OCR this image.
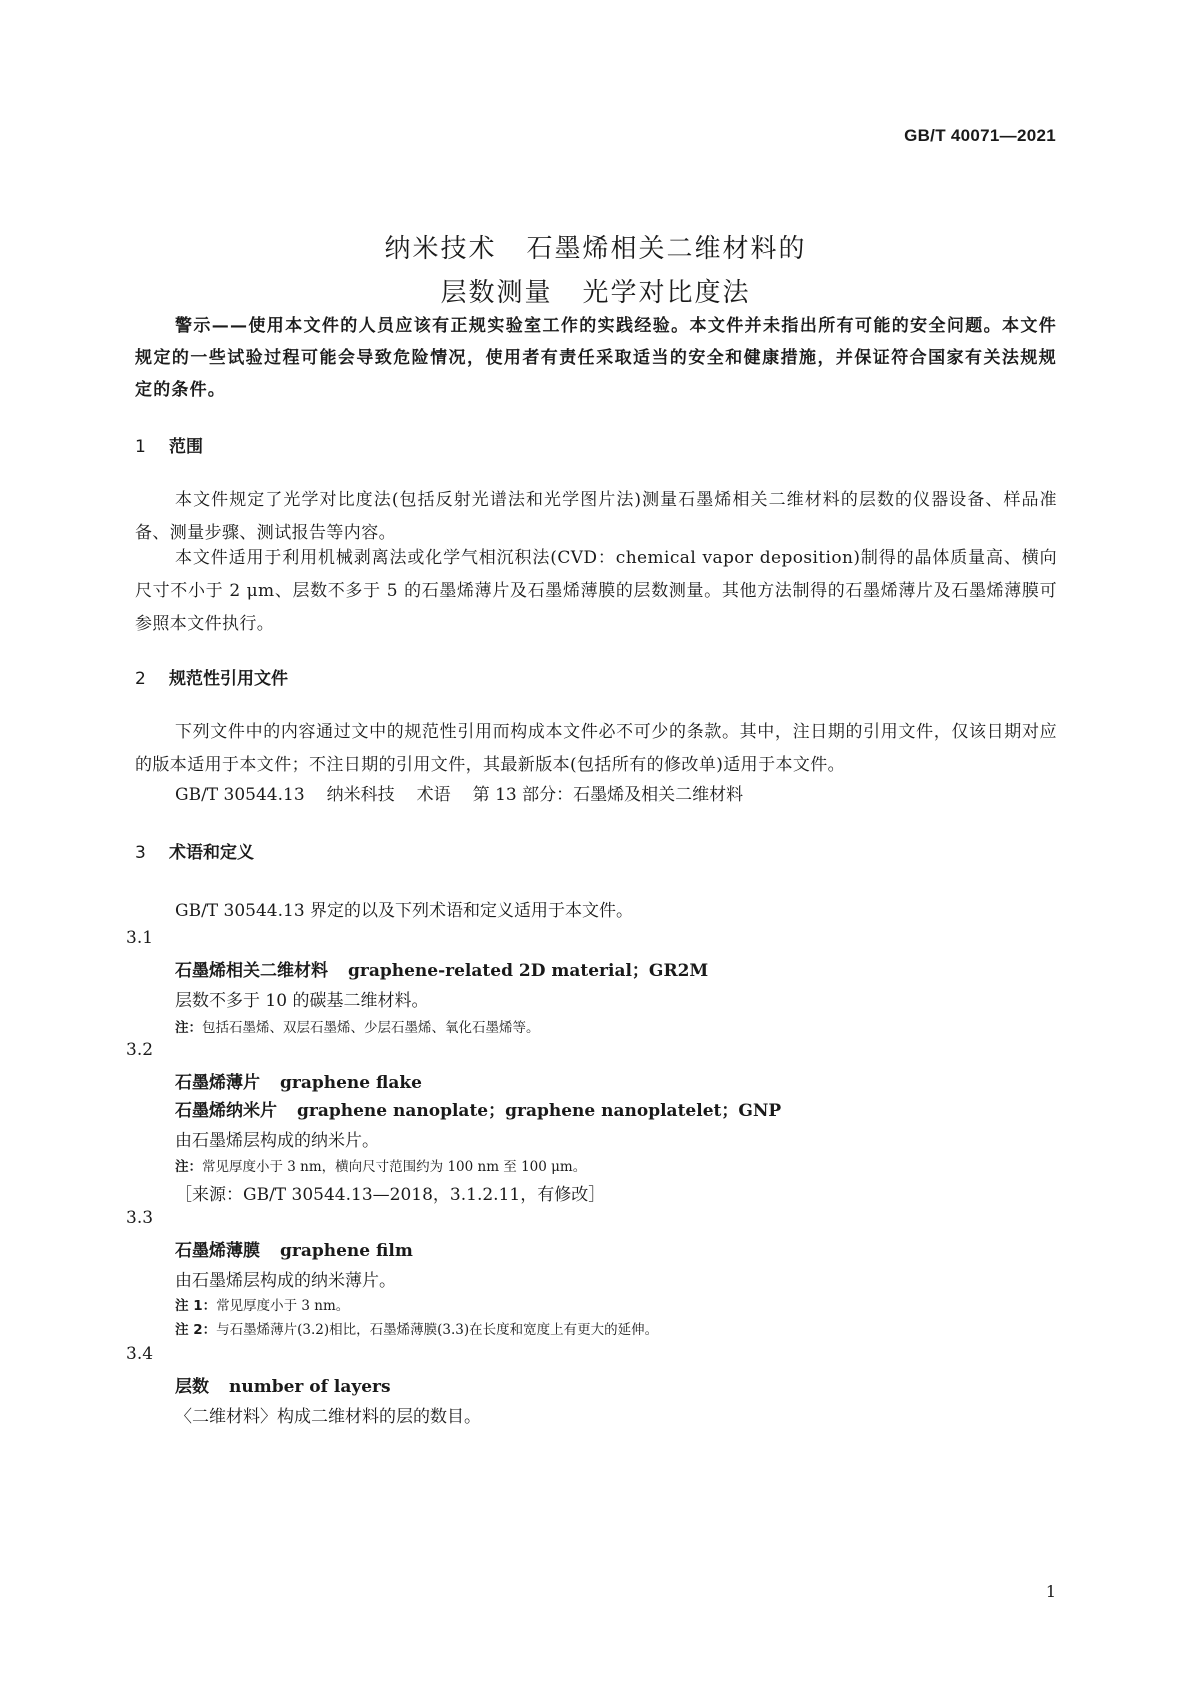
GB/T 40071—2021
纳米技术 石墨烯相关二维材料的
层数测量 光学对比度法
警示——使用本文件的人员应该有正规实验室工作的实践经验。本文件并未指出所有可能的安全问题。本文件规定的一些试验过程可能会导致危险情况，使用者有责任采取适当的安全和健康措施，并保证符合国家有关法规规定的条件。
1 范围
本文件规定了光学对比度法(包括反射光谱法和光学图片法)测量石墨烯相关二维材料的层数的仪器设备、样品准备、测量步骤、测试报告等内容。
本文件适用于利用机械剥离法或化学气相沉积法(CVD：chemical vapor deposition)制得的晶体质量高、横向尺寸不小于 2 μm、层数不多于 5 的石墨烯薄片及石墨烯薄膜的层数测量。其他方法制得的石墨烯薄片及石墨烯薄膜可参照本文件执行。
2 规范性引用文件
下列文件中的内容通过文中的规范性引用而构成本文件必不可少的条款。其中，注日期的引用文件，仅该日期对应的版本适用于本文件；不注日期的引用文件，其最新版本(包括所有的修改单)适用于本文件。
GB/T 30544.13 纳米科技 术语 第 13 部分：石墨烯及相关二维材料
3 术语和定义
GB/T 30544.13 界定的以及下列术语和定义适用于本文件。
3.1
石墨烯相关二维材料 graphene-related 2D material；GR2M
层数不多于 10 的碳基二维材料。
注：包括石墨烯、双层石墨烯、少层石墨烯、氧化石墨烯等。
3.2
石墨烯薄片 graphene flake
石墨烯纳米片 graphene nanoplate；graphene nanoplatelet；GNP
由石墨烯层构成的纳米片。
注：常见厚度小于 3 nm，横向尺寸范围约为 100 nm 至 100 μm。
［来源：GB/T 30544.13—2018，3.1.2.11，有修改］
3.3
石墨烯薄膜 graphene film
由石墨烯层构成的纳米薄片。
注 1：常见厚度小于 3 nm。
注 2：与石墨烯薄片(3.2)相比，石墨烯薄膜(3.3)在长度和宽度上有更大的延伸。
3.4
层数 number of layers
〈二维材料〉构成二维材料的层的数目。
1
